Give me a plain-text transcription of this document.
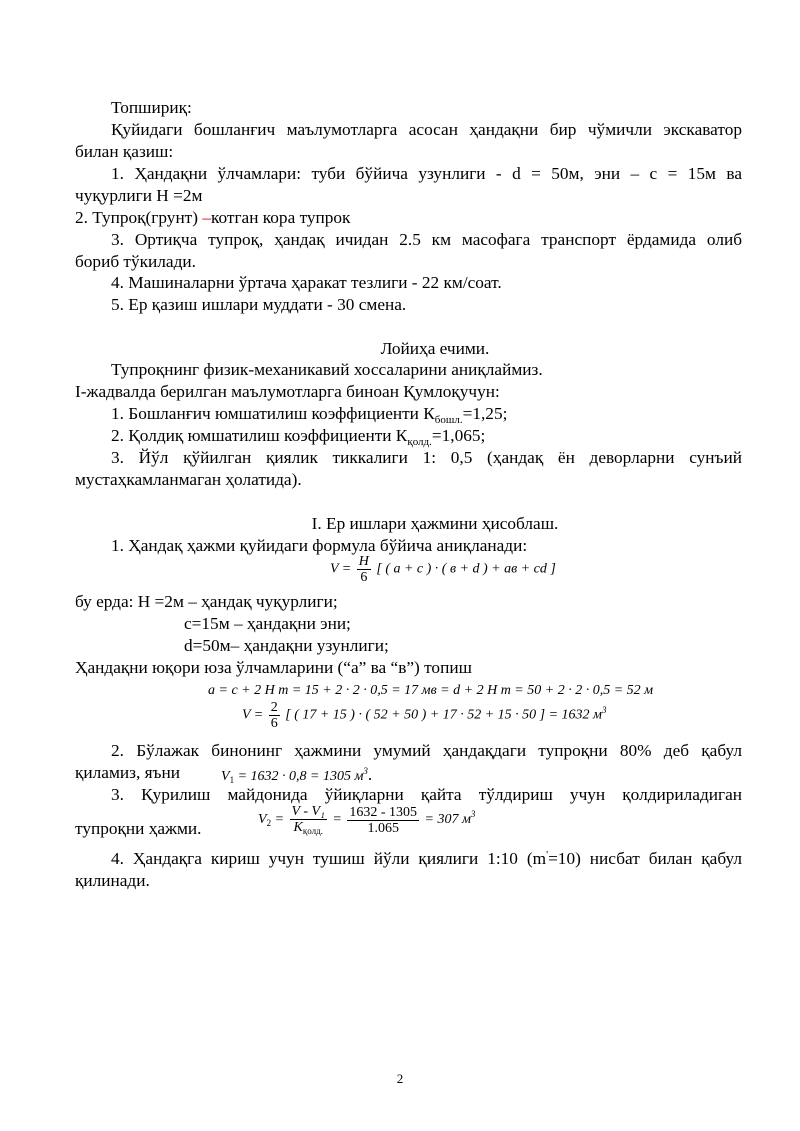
Топшириқ:
Қуйидаги бошланғич маълумотларга асосан ҳандақни бир чўмичли экскаватор
билан қазиш:
1. Ҳандақни ўлчамлари: туби бўйича узунлиги - d = 50м, эни – с = 15м ва
чуқурлиги Н =2м
2. Тупроқ(грунт) –котган кора тупрок
3. Ортиқча тупроқ, ҳандақ ичидан 2.5 км масофага транспорт ёрдамида олиб
бориб тўкилади.
4. Машиналарни ўртача ҳаракат тезлиги - 22 км/соат.
5. Ер қазиш ишлари муддати - 30 смена.
Лойиҳа ечими.
Тупроқнинг физик-механикавий хоссаларини аниқлаймиз.
I-жадвалда берилган маълумотларга биноан Қумлоқучун:
1. Бошланғич юмшатилиш коэффициенти $К_{бошл.}=1,25$;
2. Қолдиқ юмшатилиш коэффициенти $К_{қолд.}=1,065$;
3. Йўл қўйилган қиялик тиккалиги 1: 0,5 (ҳандақ ён деворларни сунъий
мустаҳкамланмаган ҳолатида).
I. Ер ишлари ҳажмини ҳисоблаш.
1. Ҳандақ ҳажми қуйидаги формула бўйича аниқланади:
$V = \frac{H}{6}$ [ ( a + c ) · ( в + d ) + ав + cd ]
бу ерда: Н =2м – ҳандақ чуқурлиги;
с=15м – ҳандақни эни;
d=50м– ҳандақни узунлиги;
Ҳандақни юқори юза ўлчамларини (“а” ва “в”) топиш
a = c + 2 H m = 15 + 2 · 2 · 0,5 = 17 мв = d + 2 H m = 50 + 2 · 2 · 0,5 = 52 м
$V = \frac{2}{6}$ [ ( 17 + 15 ) · ( 52 + 50 ) + 17 · 52 + 15 · 50 ] = 1632 $м^3$
2. Бўлажак бинонинг ҳажмини умумий ҳандақдаги тупроқни 80% деб қабул
қиламиз, яъни	$V_1 = 1632 \cdot 0,8 = 1305$ $м^3$.
3. Қурилиш майдонида ўйиқларни қайта тўлдириш учун қолдириладиган
тупроқни ҳажми.	$V_2 = \frac{\text{V - V₁}}{K_{қолд.}} = \frac{1632 - 1305}{1.065} = 307$ $м^3$
4. Ҳандақга кириш учун тушиш йўли қиялиги 1:10 (m'=10) нисбат билан қабул
қилинади.
2
